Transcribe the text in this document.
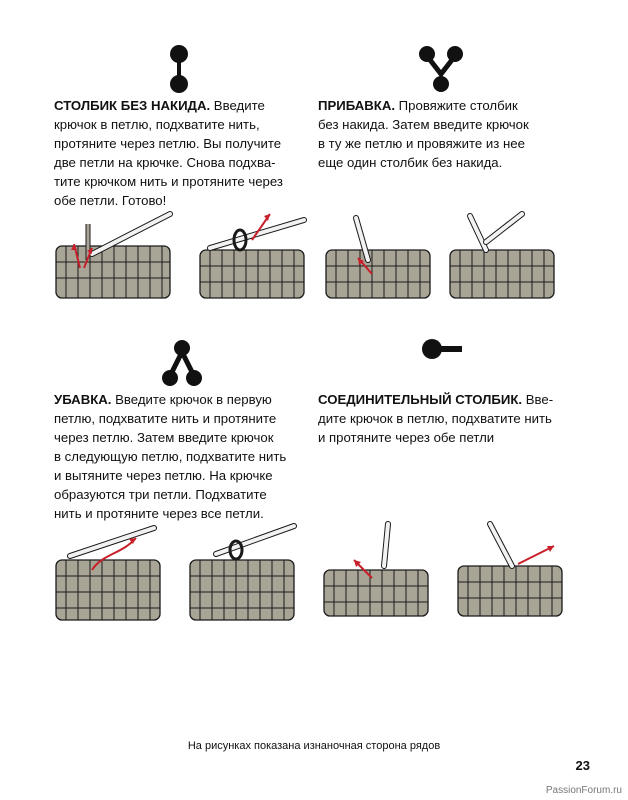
СТОЛБИК БЕЗ НАКИДА. Введите
крючок в петлю, подхватите нить,
протяните через петлю. Вы получите
две петли на крючке. Снова подхва-
тите крючком нить и протяните через
обе петли. Готово!
ПРИБАВКА. Провяжите столбик
без накида. Затем введите крючок
в ту же петлю и провяжите из нее
еще один столбик без накида.
УБАВКА. Введите крючок в первую
петлю, подхватите нить и протяните
через петлю. Затем введите крючок
в следующую петлю, подхватите нить
и вытяните через петлю. На крючке
образуются три петли. Подхватите
нить и протяните через все петли.
СОЕДИНИТЕЛЬНЫЙ СТОЛБИК. Вве-
дите крючок в петлю, подхватите нить
и протяните через обе петли
На рисунках показана изнаночная сторона рядов
23
PassionForum.ru
